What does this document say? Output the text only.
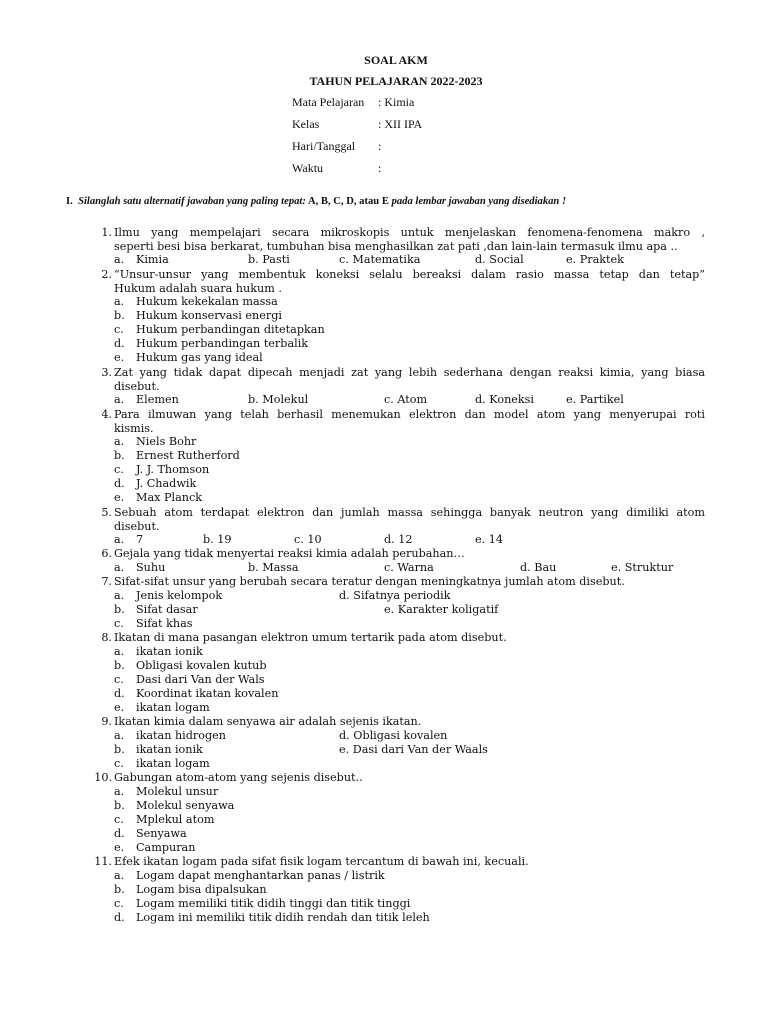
SOAL AKM
TAHUN PELAJARAN 2022-2023
Mata Pelajaran : Kimia
Kelas	: XII IPA
Hari/Tanggal :
Waktu	:
I. Silanglah satu alternatif jawaban yang paling tepat: A, B, C, D, atau E pada lembar jawaban yang disediakan !
1. Ilmu yang mempelajari secara mikroskopis untuk menjelaskan fenomena-fenomena makro ,
seperti besi bisa berkarat, tumbuhan bisa menghasilkan zat pati ,dan lain-lain termasuk ilmu apa ..
a. Kimia	b. Pasti	c. Matematika	d. Social	e. Praktek
2. “Unsur-unsur yang membentuk koneksi selalu bereaksi dalam rasio massa tetap dan tetap”
Hukum adalah suara hukum .
a. Hukum kekekalan massa
b. Hukum konservasi energi
c. Hukum perbandingan ditetapkan
d. Hukum perbandingan terbalik
e. Hukum gas yang ideal
3. Zat yang tidak dapat dipecah menjadi zat yang lebih sederhana dengan reaksi kimia, yang biasa
disebut.
a. Elemen	b. Molekul	c. Atom	d. Koneksi	e. Partikel
4. Para ilmuwan yang telah berhasil menemukan elektron dan model atom yang menyerupai roti
kismis.
a. Niels Bohr
b. Ernest Rutherford
c. J. J. Thomson
d. J. Chadwik
e. Max Planck
5. Sebuah atom terdapat elektron dan jumlah massa sehingga banyak neutron yang dimiliki atom
disebut.
a. 7	b. 19	c. 10	d. 12	e. 14
6. Gejala yang tidak menyertai reaksi kimia adalah perubahan…
a. Suhu	b. Massa	c. Warna	d. Bau	e. Struktur
7. Sifat-sifat unsur yang berubah secara teratur dengan meningkatnya jumlah atom disebut.
a. Jenis kelompok	d. Sifatnya periodik
b. Sifat dasar	e. Karakter koligatif
c. Sifat khas
8. Ikatan di mana pasangan elektron umum tertarik pada atom disebut.
a. ikatan ionik
b. Obligasi kovalen kutub
c. Dasi dari Van der Wals
d. Koordinat ikatan kovalen
e. ikatan logam
9. Ikatan kimia dalam senyawa air adalah sejenis ikatan.
a. ikatan hidrogen	d. Obligasi kovalen
b. ikatan ionik	e. Dasi dari Van der Waals
c. ikatan logam
10. Gabungan atom-atom yang sejenis disebut..
a. Molekul unsur
b. Molekul senyawa
c. Mplekul atom
d. Senyawa
e. Campuran
11. Efek ikatan logam pada sifat fisik logam tercantum di bawah ini, kecuali.
a. Logam dapat menghantarkan panas / listrik
b. Logam bisa dipalsukan
c. Logam memiliki titik didih tinggi dan titik tinggi
d. Logam ini memiliki titik didih rendah dan titik leleh
